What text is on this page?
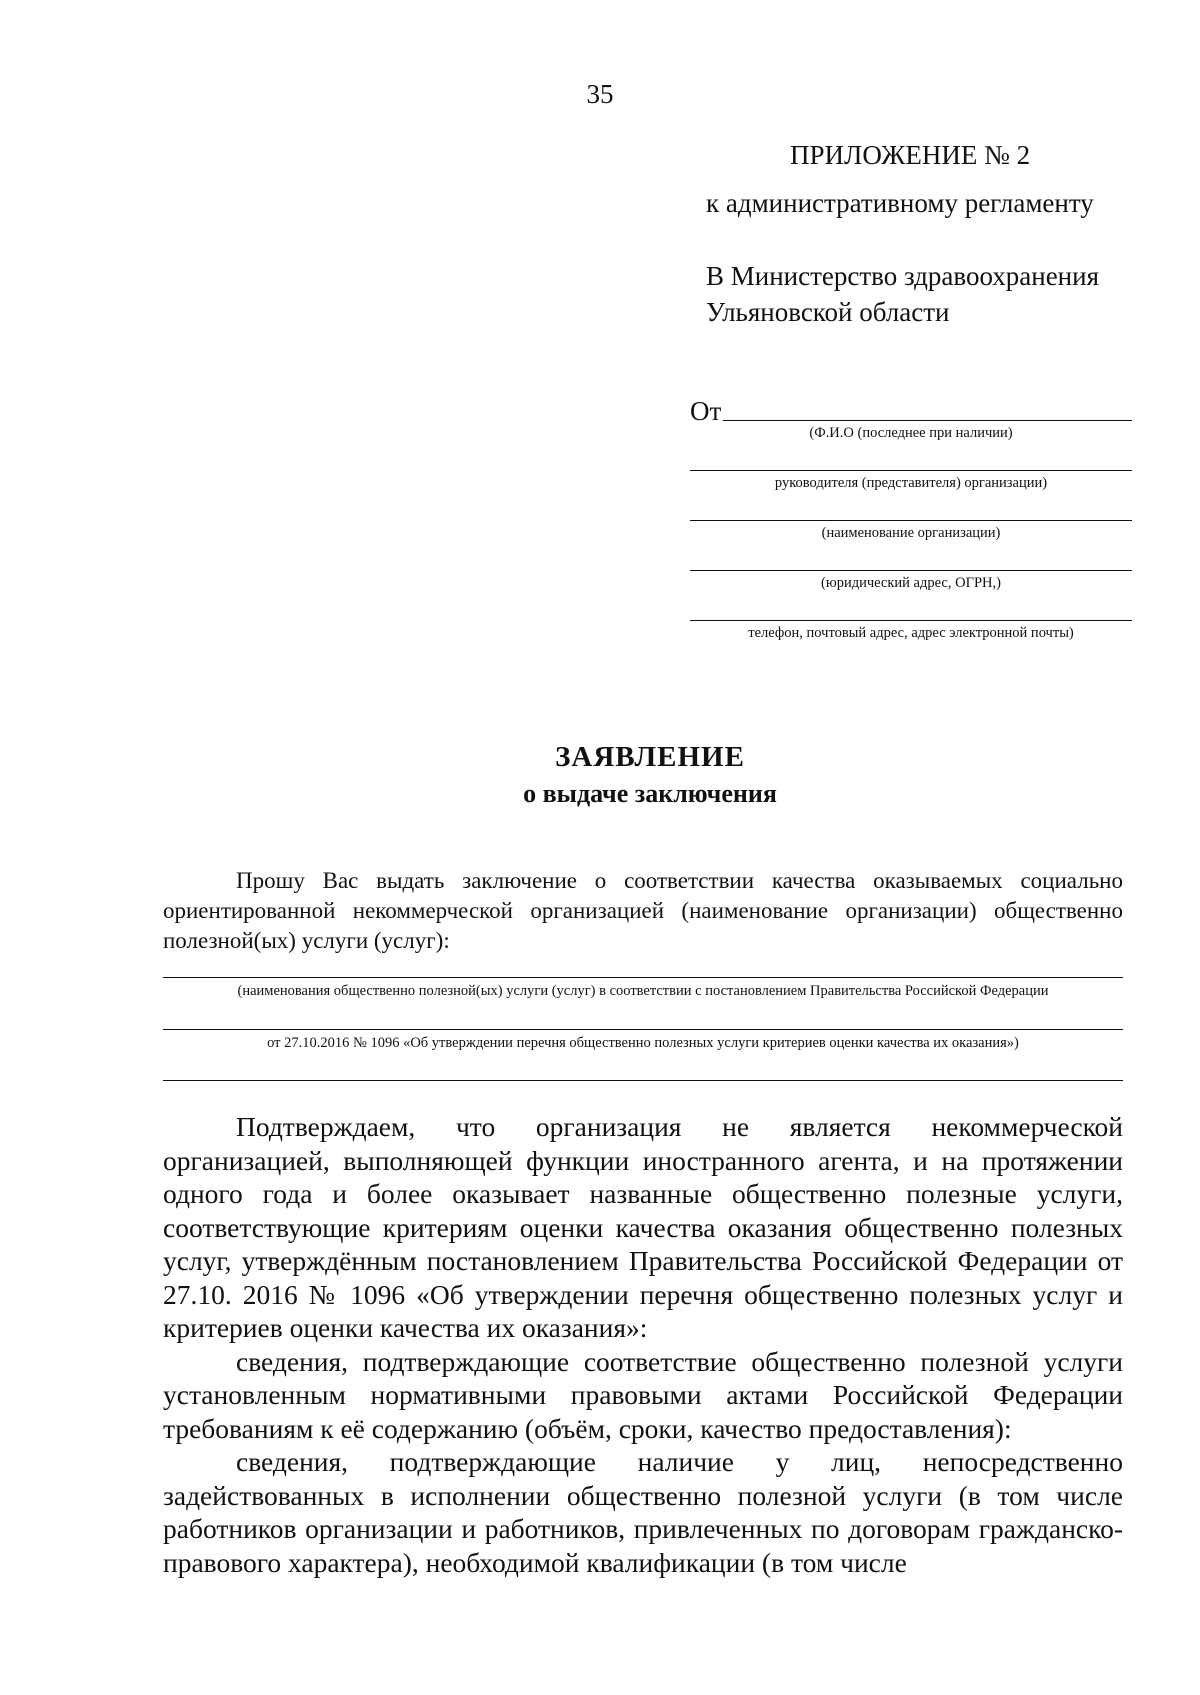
35
ПРИЛОЖЕНИЕ № 2
к административному регламенту
В Министерство здравоохранения
Ульяновской области
От
(Ф.И.О (последнее при наличии)
руководителя (представителя) организации)
(наименование организации)
(юридический адрес, ОГРН,)
телефон, почтовый адрес, адрес электронной почты)
ЗАЯВЛЕНИЕ
о выдаче заключения
Прошу Вас выдать заключение о соответствии качества оказываемых социально ориентированной некоммерческой организацией (наименование организации) общественно полезной(ых) услуги (услуг):
(наименования общественно полезной(ых) услуги (услуг) в соответствии с постановлением Правительства Российской Федерации
от 27.10.2016 № 1096 «Об утверждении перечня общественно полезных услуги критериев оценки качества их оказания»)

Подтверждаем, что организация не является некоммерческой организацией, выполняющей функции иностранного агента, и на протяжении одного года и более оказывает названные общественно полезные услуги, соответствующие критериям оценки качества оказания общественно полезных услуг, утверждённым постановлением Правительства Российской Федерации от 27.10. 2016 № 1096 «Об утверждении перечня общественно полезных услуг и критериев оценки качества их оказания»:

сведения, подтверждающие соответствие общественно полезной услуги установленным нормативными правовыми актами Российской Федерации требованиям к её содержанию (объём, сроки, качество предоставления):

сведения, подтверждающие наличие у лиц, непосредственно задействованных в исполнении общественно полезной услуги (в том числе работников организации и работников, привлеченных по договорам гражданско-правового характера), необходимой квалификации (в том числе
